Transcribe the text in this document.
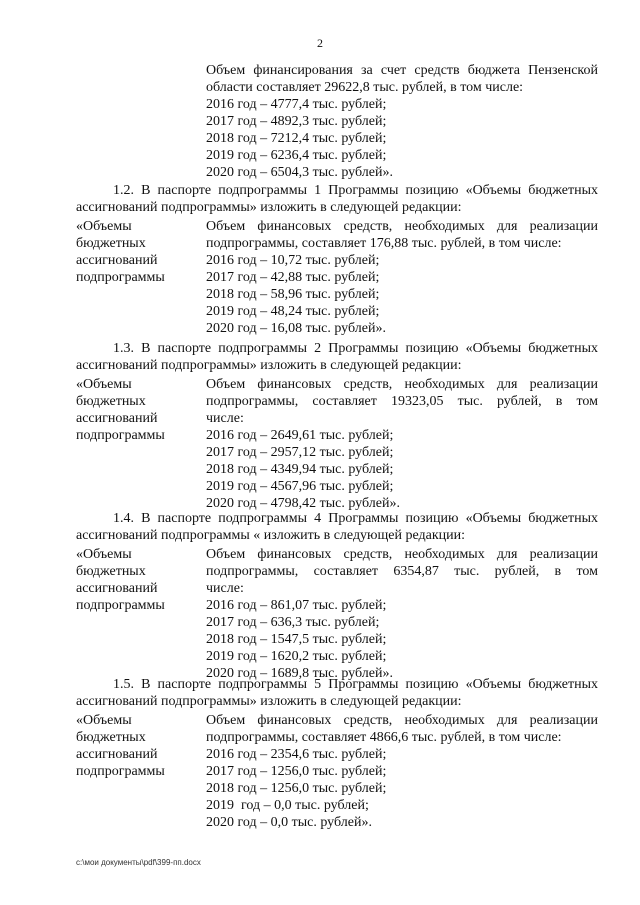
2
Объем финансирования за счет средств бюджета Пензенской
области составляет 29622,8 тыс. рублей, в том числе:
2016 год – 4777,4 тыс. рублей;
2017 год – 4892,3 тыс. рублей;
2018 год – 7212,4 тыс. рублей;
2019 год – 6236,4 тыс. рублей;
2020 год – 6504,3 тыс. рублей».
1.2. В паспорте подпрограммы 1 Программы позицию «Объемы бюджетных
ассигнований подпрограммы» изложить в следующей редакции:
«Объемы
бюджетных
ассигнований
подпрограммы
Объем финансовых средств, необходимых для реализации
подпрограммы, составляет 176,88 тыс. рублей, в том числе:
2016 год – 10,72 тыс. рублей;
2017 год – 42,88 тыс. рублей;
2018 год – 58,96 тыс. рублей;
2019 год – 48,24 тыс. рублей;
2020 год – 16,08 тыс. рублей».
1.3. В паспорте подпрограммы 2 Программы позицию «Объемы бюджетных
ассигнований подпрограммы» изложить в следующей редакции:
«Объемы
бюджетных
ассигнований
подпрограммы
Объем финансовых средств, необходимых для реализации
подпрограммы, составляет 19323,05 тыс. рублей, в том
числе:
2016 год – 2649,61 тыс. рублей;
2017 год – 2957,12 тыс. рублей;
2018 год – 4349,94 тыс. рублей;
2019 год – 4567,96 тыс. рублей;
2020 год – 4798,42 тыс. рублей».
1.4. В паспорте подпрограммы 4 Программы позицию «Объемы бюджетных
ассигнований подпрограммы « изложить в следующей редакции:
«Объемы
бюджетных
ассигнований
подпрограммы
Объем финансовых средств, необходимых для реализации
подпрограммы, составляет 6354,87 тыс. рублей, в том
числе:
2016 год – 861,07 тыс. рублей;
2017 год – 636,3 тыс. рублей;
2018 год – 1547,5 тыс. рублей;
2019 год – 1620,2 тыс. рублей;
2020 год – 1689,8 тыс. рублей».
1.5. В паспорте подпрограммы 5 Программы позицию «Объемы бюджетных
ассигнований подпрограммы» изложить в следующей редакции:
«Объемы
бюджетных
ассигнований
подпрограммы
Объем финансовых средств, необходимых для реализации
подпрограммы, составляет 4866,6 тыс. рублей, в том числе:
2016 год – 2354,6 тыс. рублей;
2017 год – 1256,0 тыс. рублей;
2018 год – 1256,0 тыс. рублей;
2019  год – 0,0 тыс. рублей;
2020 год – 0,0 тыс. рублей».
c:\мои документы\pdf\399-пп.docx
